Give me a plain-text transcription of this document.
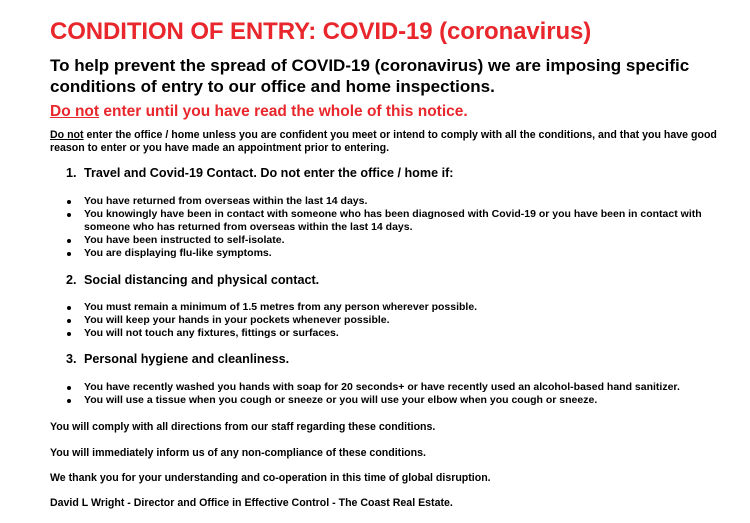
CONDITION OF ENTRY: COVID-19 (coronavirus)
To help prevent the spread of COVID-19 (coronavirus) we are imposing specific conditions of entry to our office and home inspections.
Do not enter until you have read the whole of this notice.
Do not enter the office / home unless you are confident you meet or intend to comply with all the conditions, and that you have good reason to enter or you have made an appointment prior to entering.
1. Travel and Covid-19 Contact. Do not enter the office / home if:
You have returned from overseas within the last 14 days.
You knowingly have been in contact with someone who has been diagnosed with Covid-19 or you have been in contact with someone who has returned from overseas within the last 14 days.
You have been instructed to self-isolate.
You are displaying flu-like symptoms.
2. Social distancing and physical contact.
You must remain a minimum of 1.5 metres from any person wherever possible.
You will keep your hands in your pockets whenever possible.
You will not touch any fixtures, fittings or surfaces.
3. Personal hygiene and cleanliness.
You have recently washed you hands with soap for 20 seconds+ or have recently used an alcohol-based hand sanitizer.
You will use a tissue when you cough or sneeze or you will use your elbow when you cough or sneeze.
You will comply with all directions from our staff regarding these conditions.
You will immediately inform us of any non-compliance of these conditions.
We thank you for your understanding and co-operation in this time of global disruption.
David L Wright - Director and Office in Effective Control - The Coast Real Estate.
